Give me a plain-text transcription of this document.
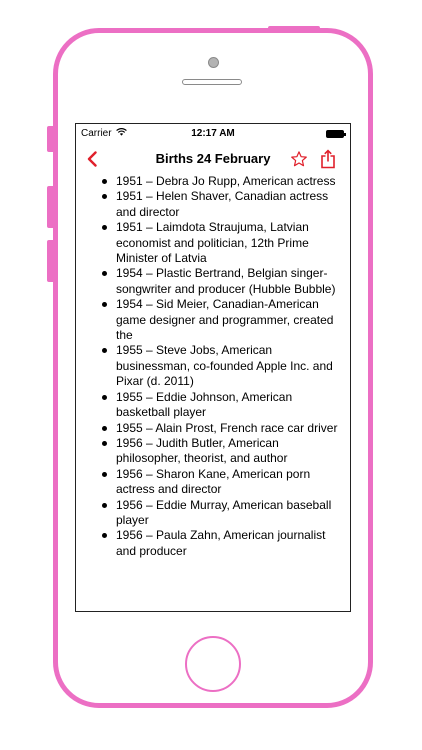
Carrier	12:17 AM
Births 24 February
1951 – Debra Jo Rupp, American actress
1951 – Helen Shaver, Canadian actress and director
1951 – Laimdota Straujuma, Latvian economist and politician, 12th Prime Minister of Latvia
1954 – Plastic Bertrand, Belgian singer-songwriter and producer (Hubble Bubble)
1954 – Sid Meier, Canadian-American game designer and programmer, created the
1955 – Steve Jobs, American businessman, co-founded Apple Inc. and Pixar (d. 2011)
1955 – Eddie Johnson, American basketball player
1955 – Alain Prost, French race car driver
1956 – Judith Butler, American philosopher, theorist, and author
1956 – Sharon Kane, American porn actress and director
1956 – Eddie Murray, American baseball player
1956 – Paula Zahn, American journalist and producer
